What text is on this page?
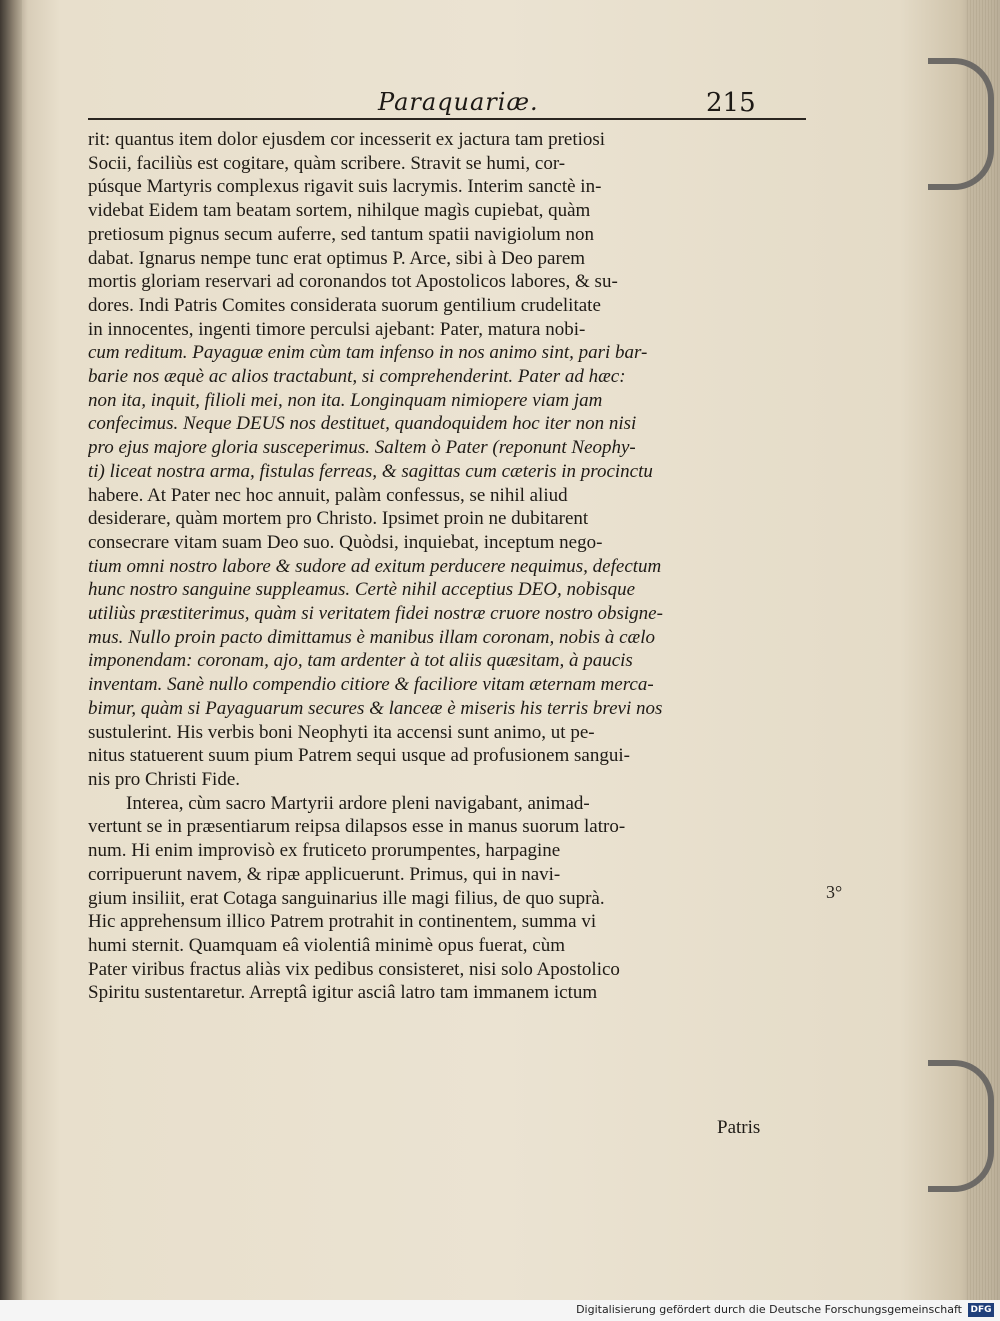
Paraquariæ.	215
rit: quantus item dolor ejusdem cor incesserit ex jactura tam pretiosi
Socii, faciliùs est cogitare, quàm scribere. Stravit se humi, cor-
púsque Martyris complexus rigavit suis lacrymis. Interim sanctè in-
videbat Eidem tam beatam sortem, nihilque magìs cupiebat, quàm
pretiosum pignus secum auferre, sed tantum spatii navigiolum non
dabat. Ignarus nempe tunc erat optimus P. Arce, sibi à Deo parem
mortis gloriam reservari ad coronandos tot Apostolicos labores, & su-
dores. Indi Patris Comites considerata suorum gentilium crudelitate
in innocentes, ingenti timore perculsi ajebant: Pater, matura nobi-
cum reditum. Payaguæ enim cùm tam infenso in nos animo sint, pari bar-
barie nos æquè ac alios tractabunt, si comprehenderint. Pater ad hæc:
non ita, inquit, filioli mei, non ita. Longinquam nimiopere viam jam
confecimus. Neque DEUS nos destituet, quandoquidem hoc iter non nisi
pro ejus majore gloria susceperimus. Saltem ò Pater (reponunt Neophy-
ti) liceat nostra arma, fistulas ferreas, & sagittas cum cæteris in procinctu
habere. At Pater nec hoc annuit, palàm confessus, se nihil aliud
desiderare, quàm mortem pro Christo. Ipsimet proin ne dubitarent
consecrare vitam suam Deo suo. Quòdsi, inquiebat, inceptum nego-
tium omni nostro labore & sudore ad exitum perducere nequimus, defectum
hunc nostro sanguine suppleamus. Certè nihil acceptius DEO, nobisque
utiliùs præstiterimus, quàm si veritatem fidei nostræ cruore nostro obsigne-
mus. Nullo proin pacto dimittamus è manibus illam coronam, nobis à cælo
imponendam: coronam, ajo, tam ardenter à tot aliis quæsitam, à paucis
inventam. Sanè nullo compendio citiore & faciliore vitam æternam merca-
bimur, quàm si Payaguarum secures & lanceæ è miseris his terris brevi nos
sustulerint. His verbis boni Neophyti ita accensi sunt animo, ut pe-
nitus statuerent suum pium Patrem sequi usque ad profusionem sangui-
nis pro Christi Fide.
  Interea, cùm sacro Martyrii ardore pleni navigabant, animad-
vertunt se in præsentiarum reipsa dilapsos esse in manus suorum latro-
num. Hi enim improvisò ex fruticeto prorumpentes, harpagine
corripuerunt navem, & ripæ applicuerunt. Primus, qui in navi-
gium insiliit, erat Cotaga sanguinarius ille magi filius, de quo suprà.
Hic apprehensum illico Patrem protrahit in continentem, summa vi
humi sternit. Quamquam eâ violentiâ minimè opus fuerat, cùm
Pater viribus fractus aliàs vix pedibus consisteret, nisi solo Apostolico
Spiritu sustentaretur. Arreptâ igitur asciâ latro tam immanem ictum
3°
Patris
Digitalisierung gefördert durch die Deutsche Forschungsgemeinschaft DFG
